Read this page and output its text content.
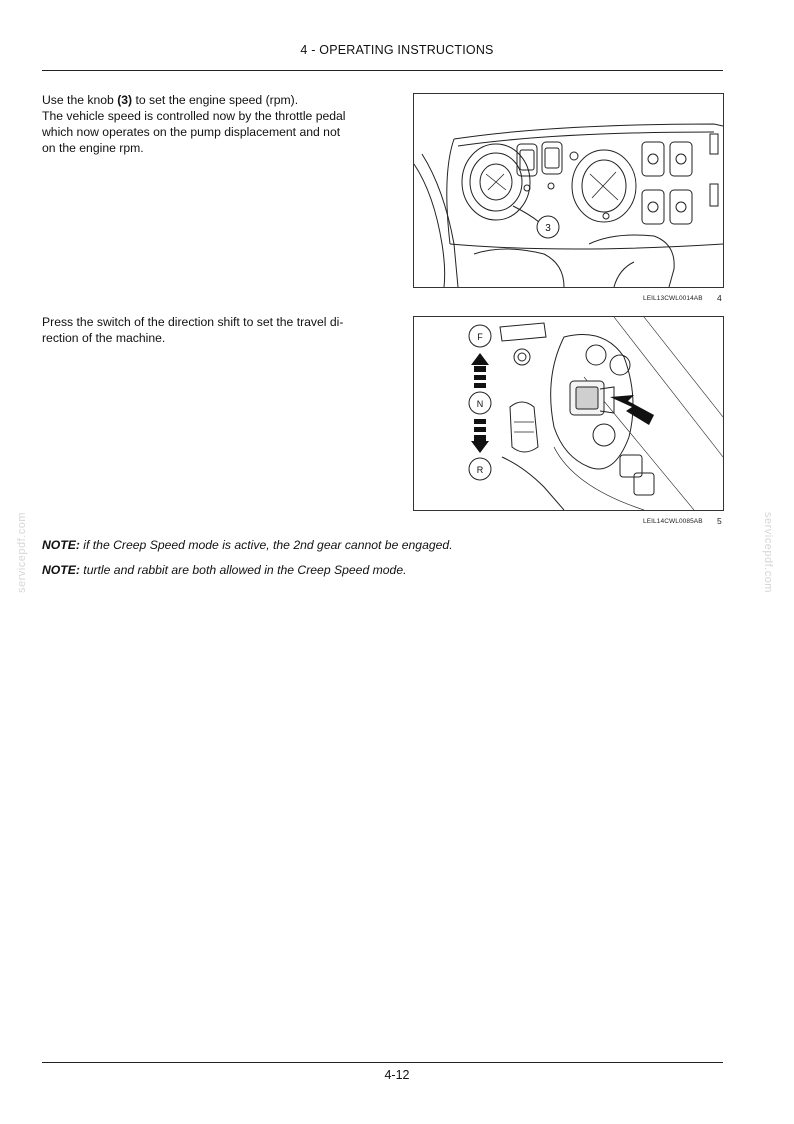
4 - OPERATING INSTRUCTIONS
Use the knob (3) to set the engine speed (rpm).
The vehicle speed is controlled now by the throttle pedal
which now operates on the pump displacement and not
on the engine rpm.
3
LEIL13CWL0014AB 4
Press the switch of the direction shift to set the travel di-
rection of the machine.	F
N
R
LEIL14CWL0085AB 5
NOTE: if the Creep Speed mode is active, the 2nd gear cannot be engaged.
NOTE: turtle and rabbit are both allowed in the Creep Speed mode.
servicepdf.com	servicepdf.com
4-12
